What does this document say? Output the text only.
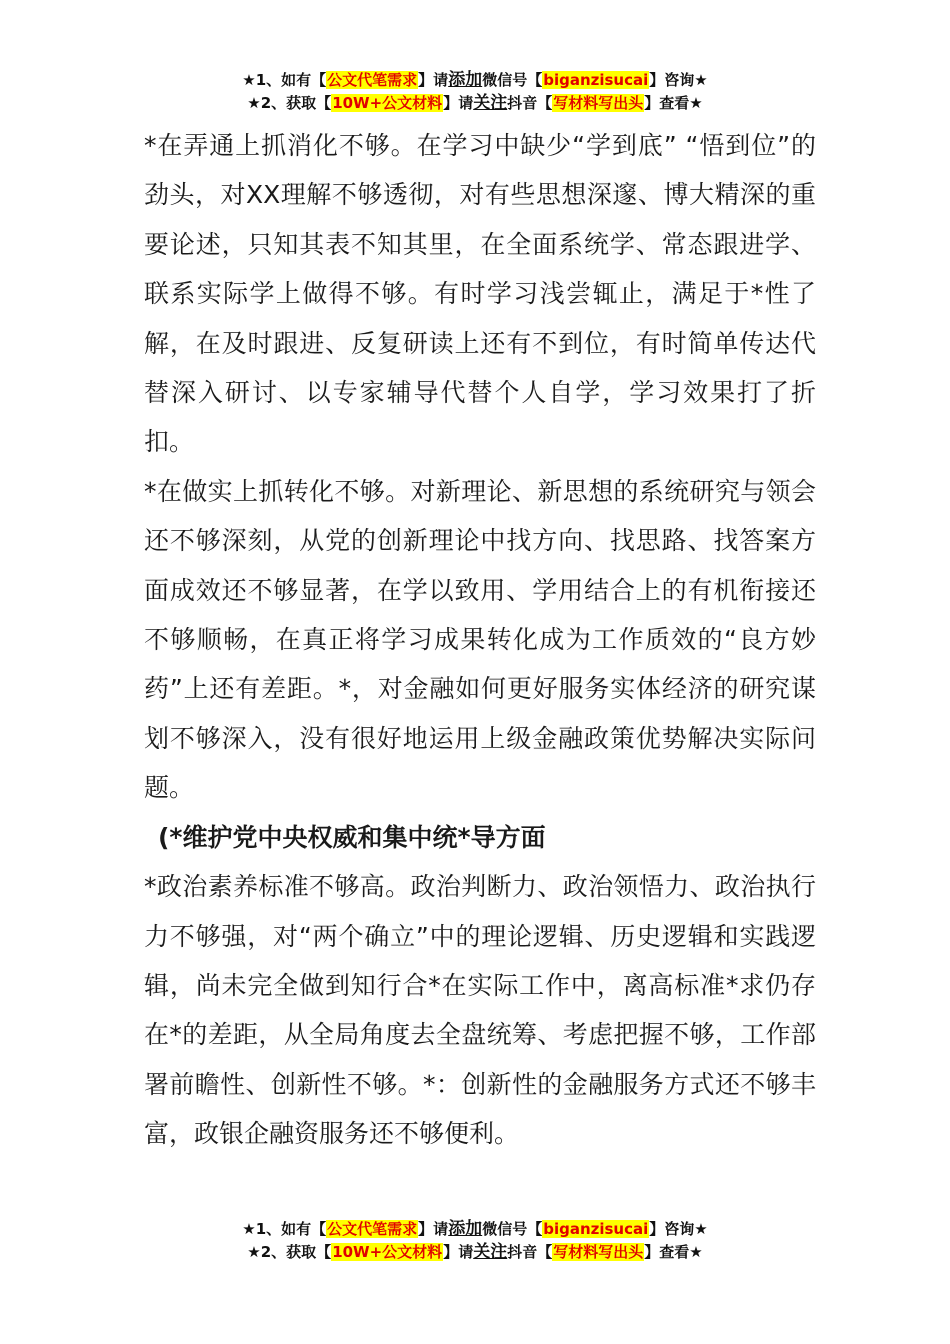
★1、如有【公文代笔需求】请添加微信号【biganzisucai】咨询★
★2、获取【10W+公文材料】请关注抖音【写材料写出头】查看★

*在弄通上抓消化不够。在学习中缺少“学到底” “悟到位”的劲头，对XX理解不够透彻，对有些思想深邃、博大精深的重要论述，只知其表不知其里，在全面系统学、常态跟进学、联系实际学上做得不够。有时学习浅尝辄止，满足于*性了解，在及时跟进、反复研读上还有不到位，有时简单传达代替深入研讨、以专家辅导代替个人自学，学习效果打了折扣。

*在做实上抓转化不够。对新理论、新思想的系统研究与领会还不够深刻，从党的创新理论中找方向、找思路、找答案方面成效还不够显著，在学以致用、学用结合上的有机衔接还不够顺畅，在真正将学习成果转化成为工作质效的“良方妙药”上还有差距。*，对金融如何更好服务实体经济的研究谋划不够深入，没有很好地运用上级金融政策优势解决实际问题。

(*维护党中央权威和集中统*导方面

*政治素养标准不够高。政治判断力、政治领悟力、政治执行力不够强，对“两个确立”中的理论逻辑、历史逻辑和实践逻辑，尚未完全做到知行合*在实际工作中，离高标准*求仍存在*的差距，从全局角度去全盘统筹、考虑把握不够，工作部署前瞻性、创新性不够。*：创新性的金融服务方式还不够丰富，政银企融资服务还不够便利。

★1、如有【公文代笔需求】请添加微信号【biganzisucai】咨询★
★2、获取【10W+公文材料】请关注抖音【写材料写出头】查看★
